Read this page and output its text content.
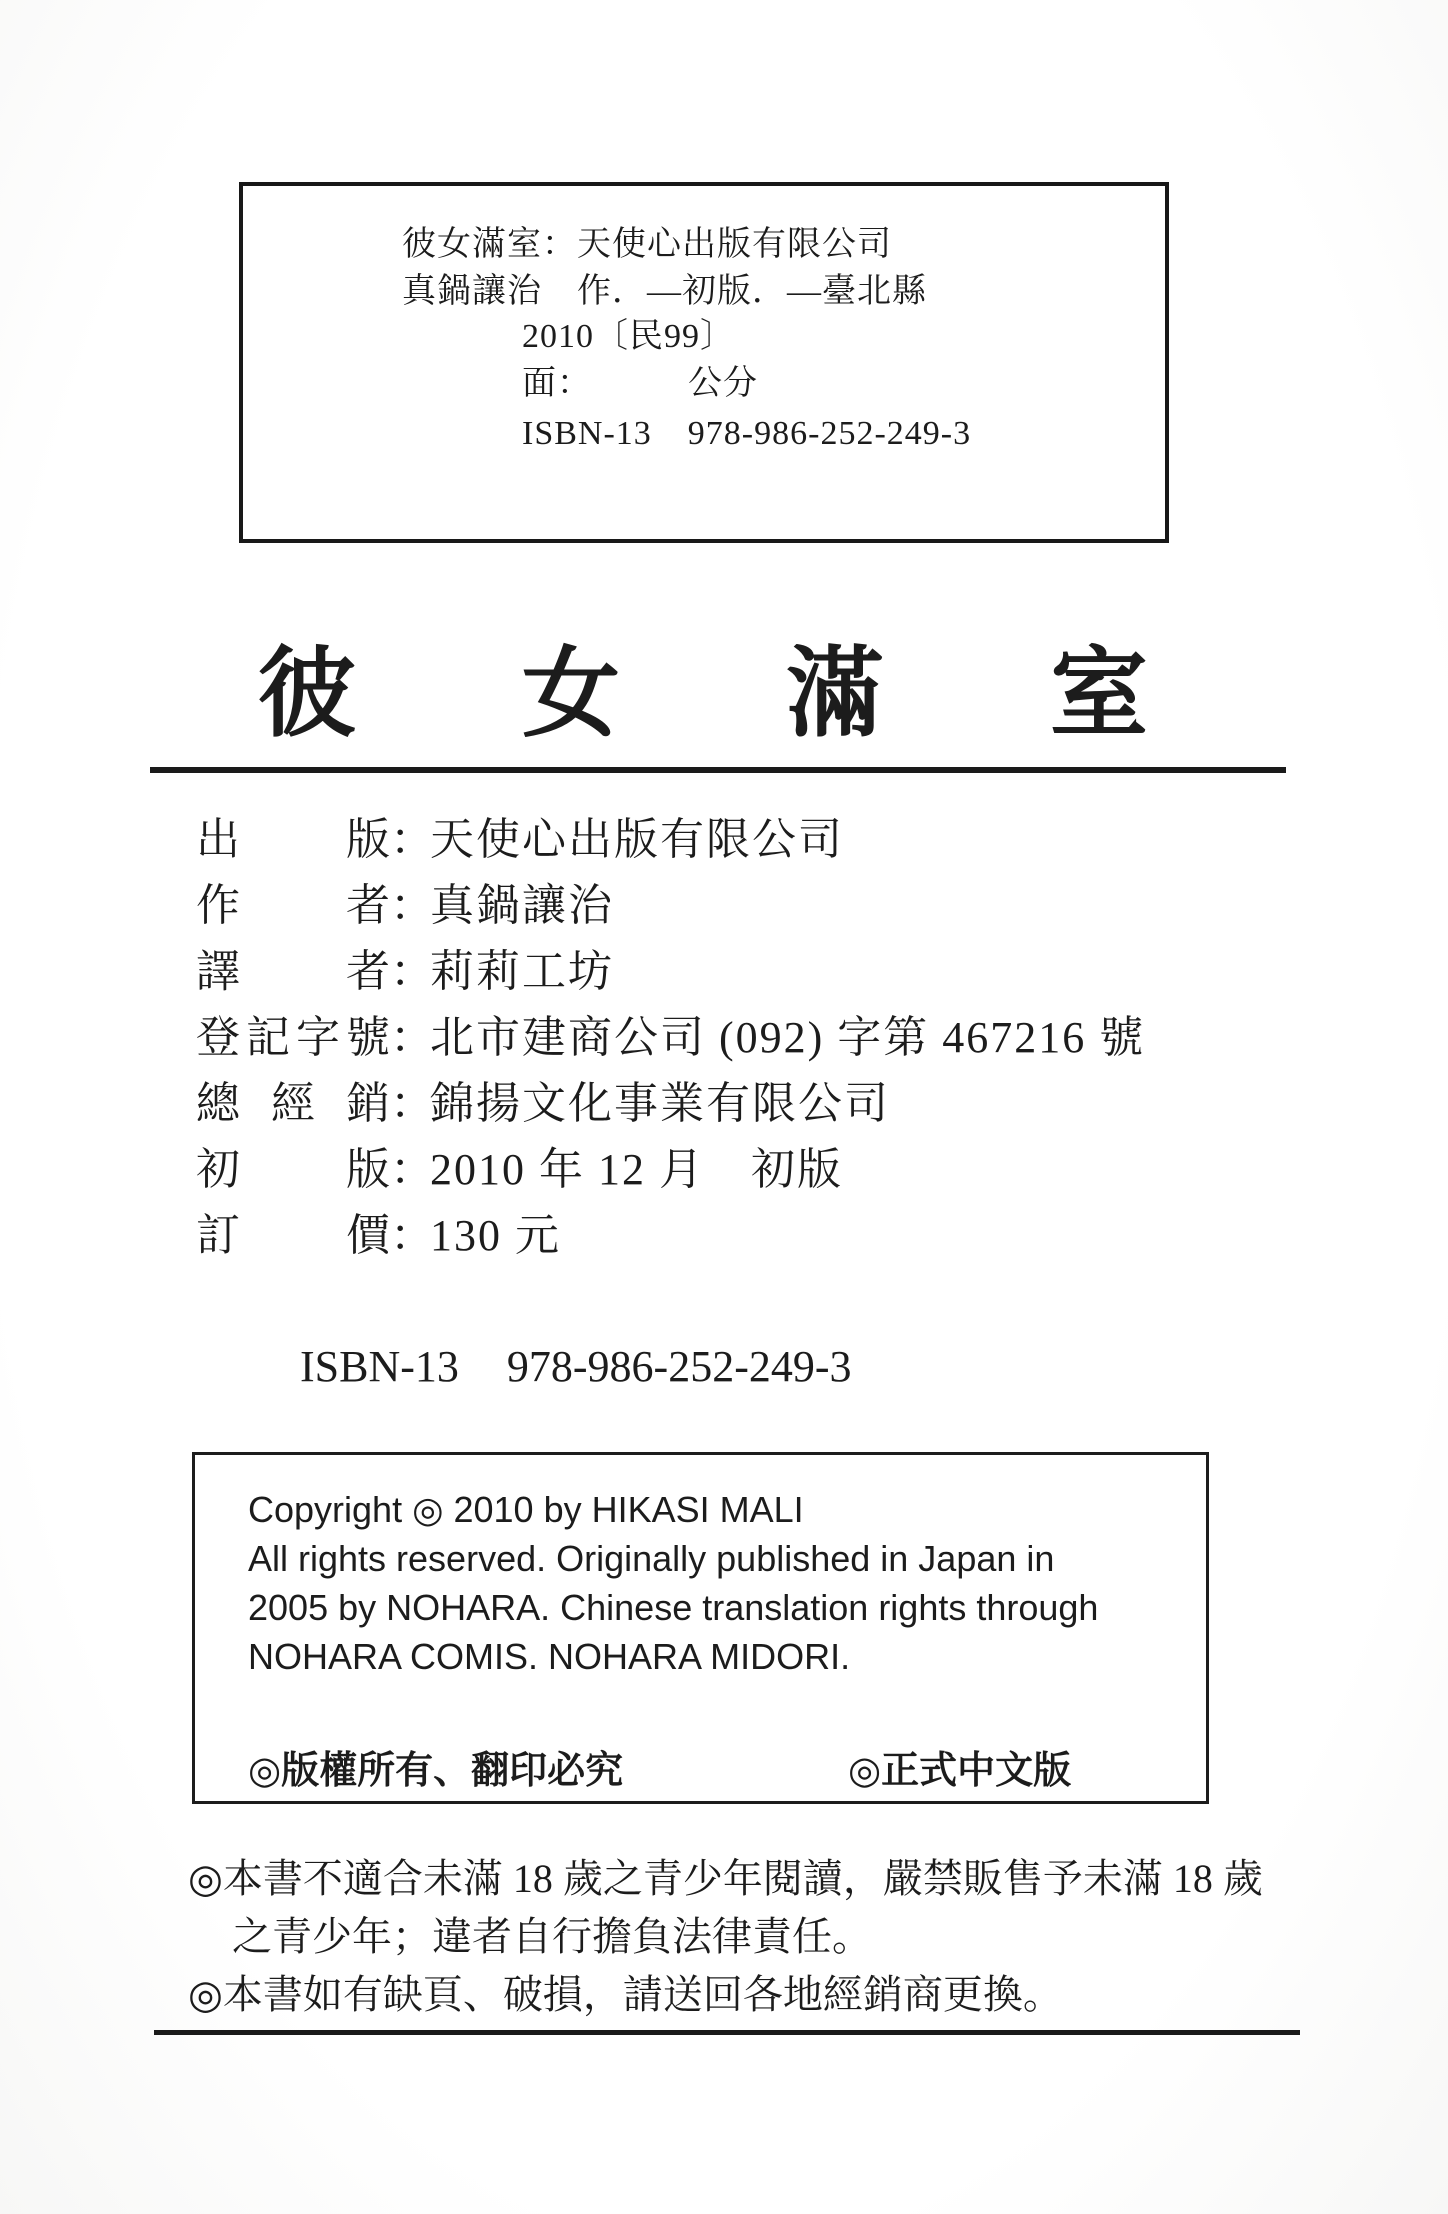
彼女滿室：天使心出版有限公司
真鍋讓治　作．—初版．—臺北縣
2010〔民99〕
面：	公分
ISBN-13 978-986-252-249-3
彼 女 滿 室
出 版 ：
天使心出版有限公司
作 者 ：
真鍋讓治
譯 者 ：
莉莉工坊
登 記 字 號 ：
北市建商公司 (092) 字第 467216 號
總 經 銷 ：
錦揚文化事業有限公司
初 版 ：
2010 年 12 月　初版
訂 價 ：
130 元
ISBN-13 978-986-252-249-3
Copyright ◎ 2010 by HIKASI MALI
All rights reserved. Originally published in Japan in
2005 by NOHARA. Chinese translation rights through
NOHARA COMIS. NOHARA MIDORI.
◎版權所有、翻印必究	◎正式中文版
◎本書不適合未滿 18 歲之青少年閱讀，嚴禁販售予未滿 18 歲
之青少年；違者自行擔負法律責任。
◎本書如有缺頁、破損，請送回各地經銷商更換。
